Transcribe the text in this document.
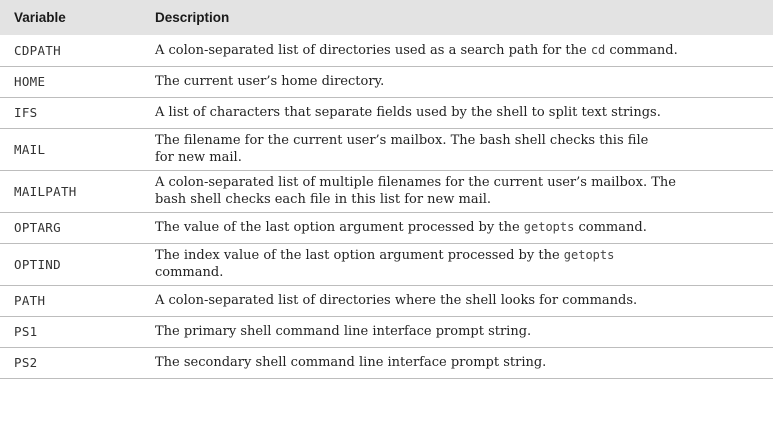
Variable	Description
CDPATH	A colon-separated list of directories used as a search path for the cd command.
HOME	The current user’s home directory.
IFS	A list of characters that separate fields used by the shell to split text strings.
MAIL	The filename for the current user’s mailbox. The bash shell checks this file
for new mail.
MAILPATH	A colon-separated list of multiple filenames for the current user’s mailbox. The
bash shell checks each file in this list for new mail.
OPTARG	The value of the last option argument processed by the getopts command.
OPTIND	The index value of the last option argument processed by the getopts
command.
PATH	A colon-separated list of directories where the shell looks for commands.
PS1	The primary shell command line interface prompt string.
PS2	The secondary shell command line interface prompt string.
